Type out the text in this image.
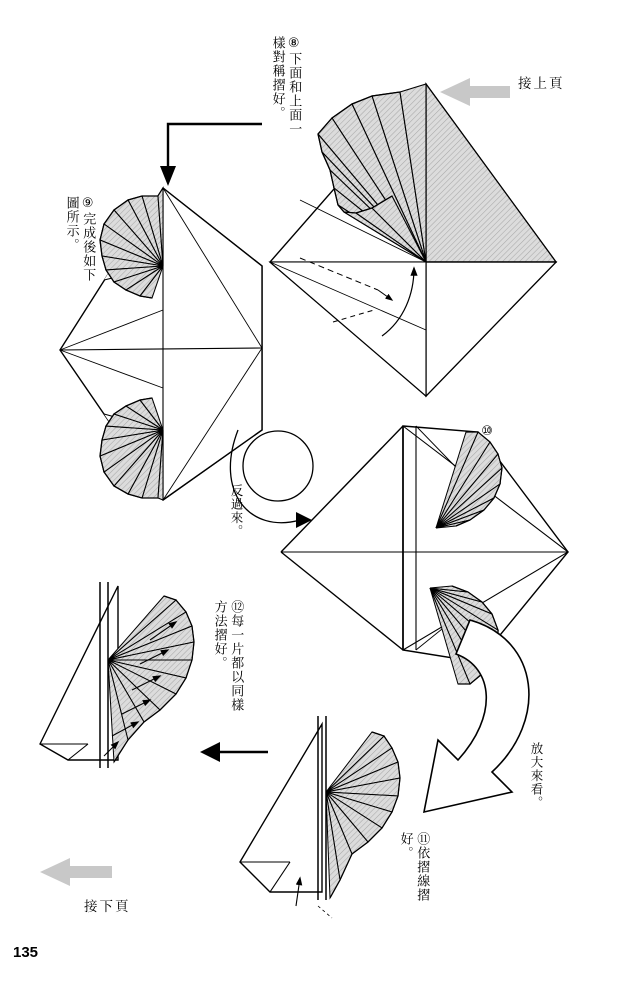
接上頁
接下頁
⑧下面和上面一樣對稱摺好。
⑨完成後如下圖所示。
⑩
⑪依摺線摺好。
⑫每一片都以同樣方法摺好。
反過來。
放大來看。
135
